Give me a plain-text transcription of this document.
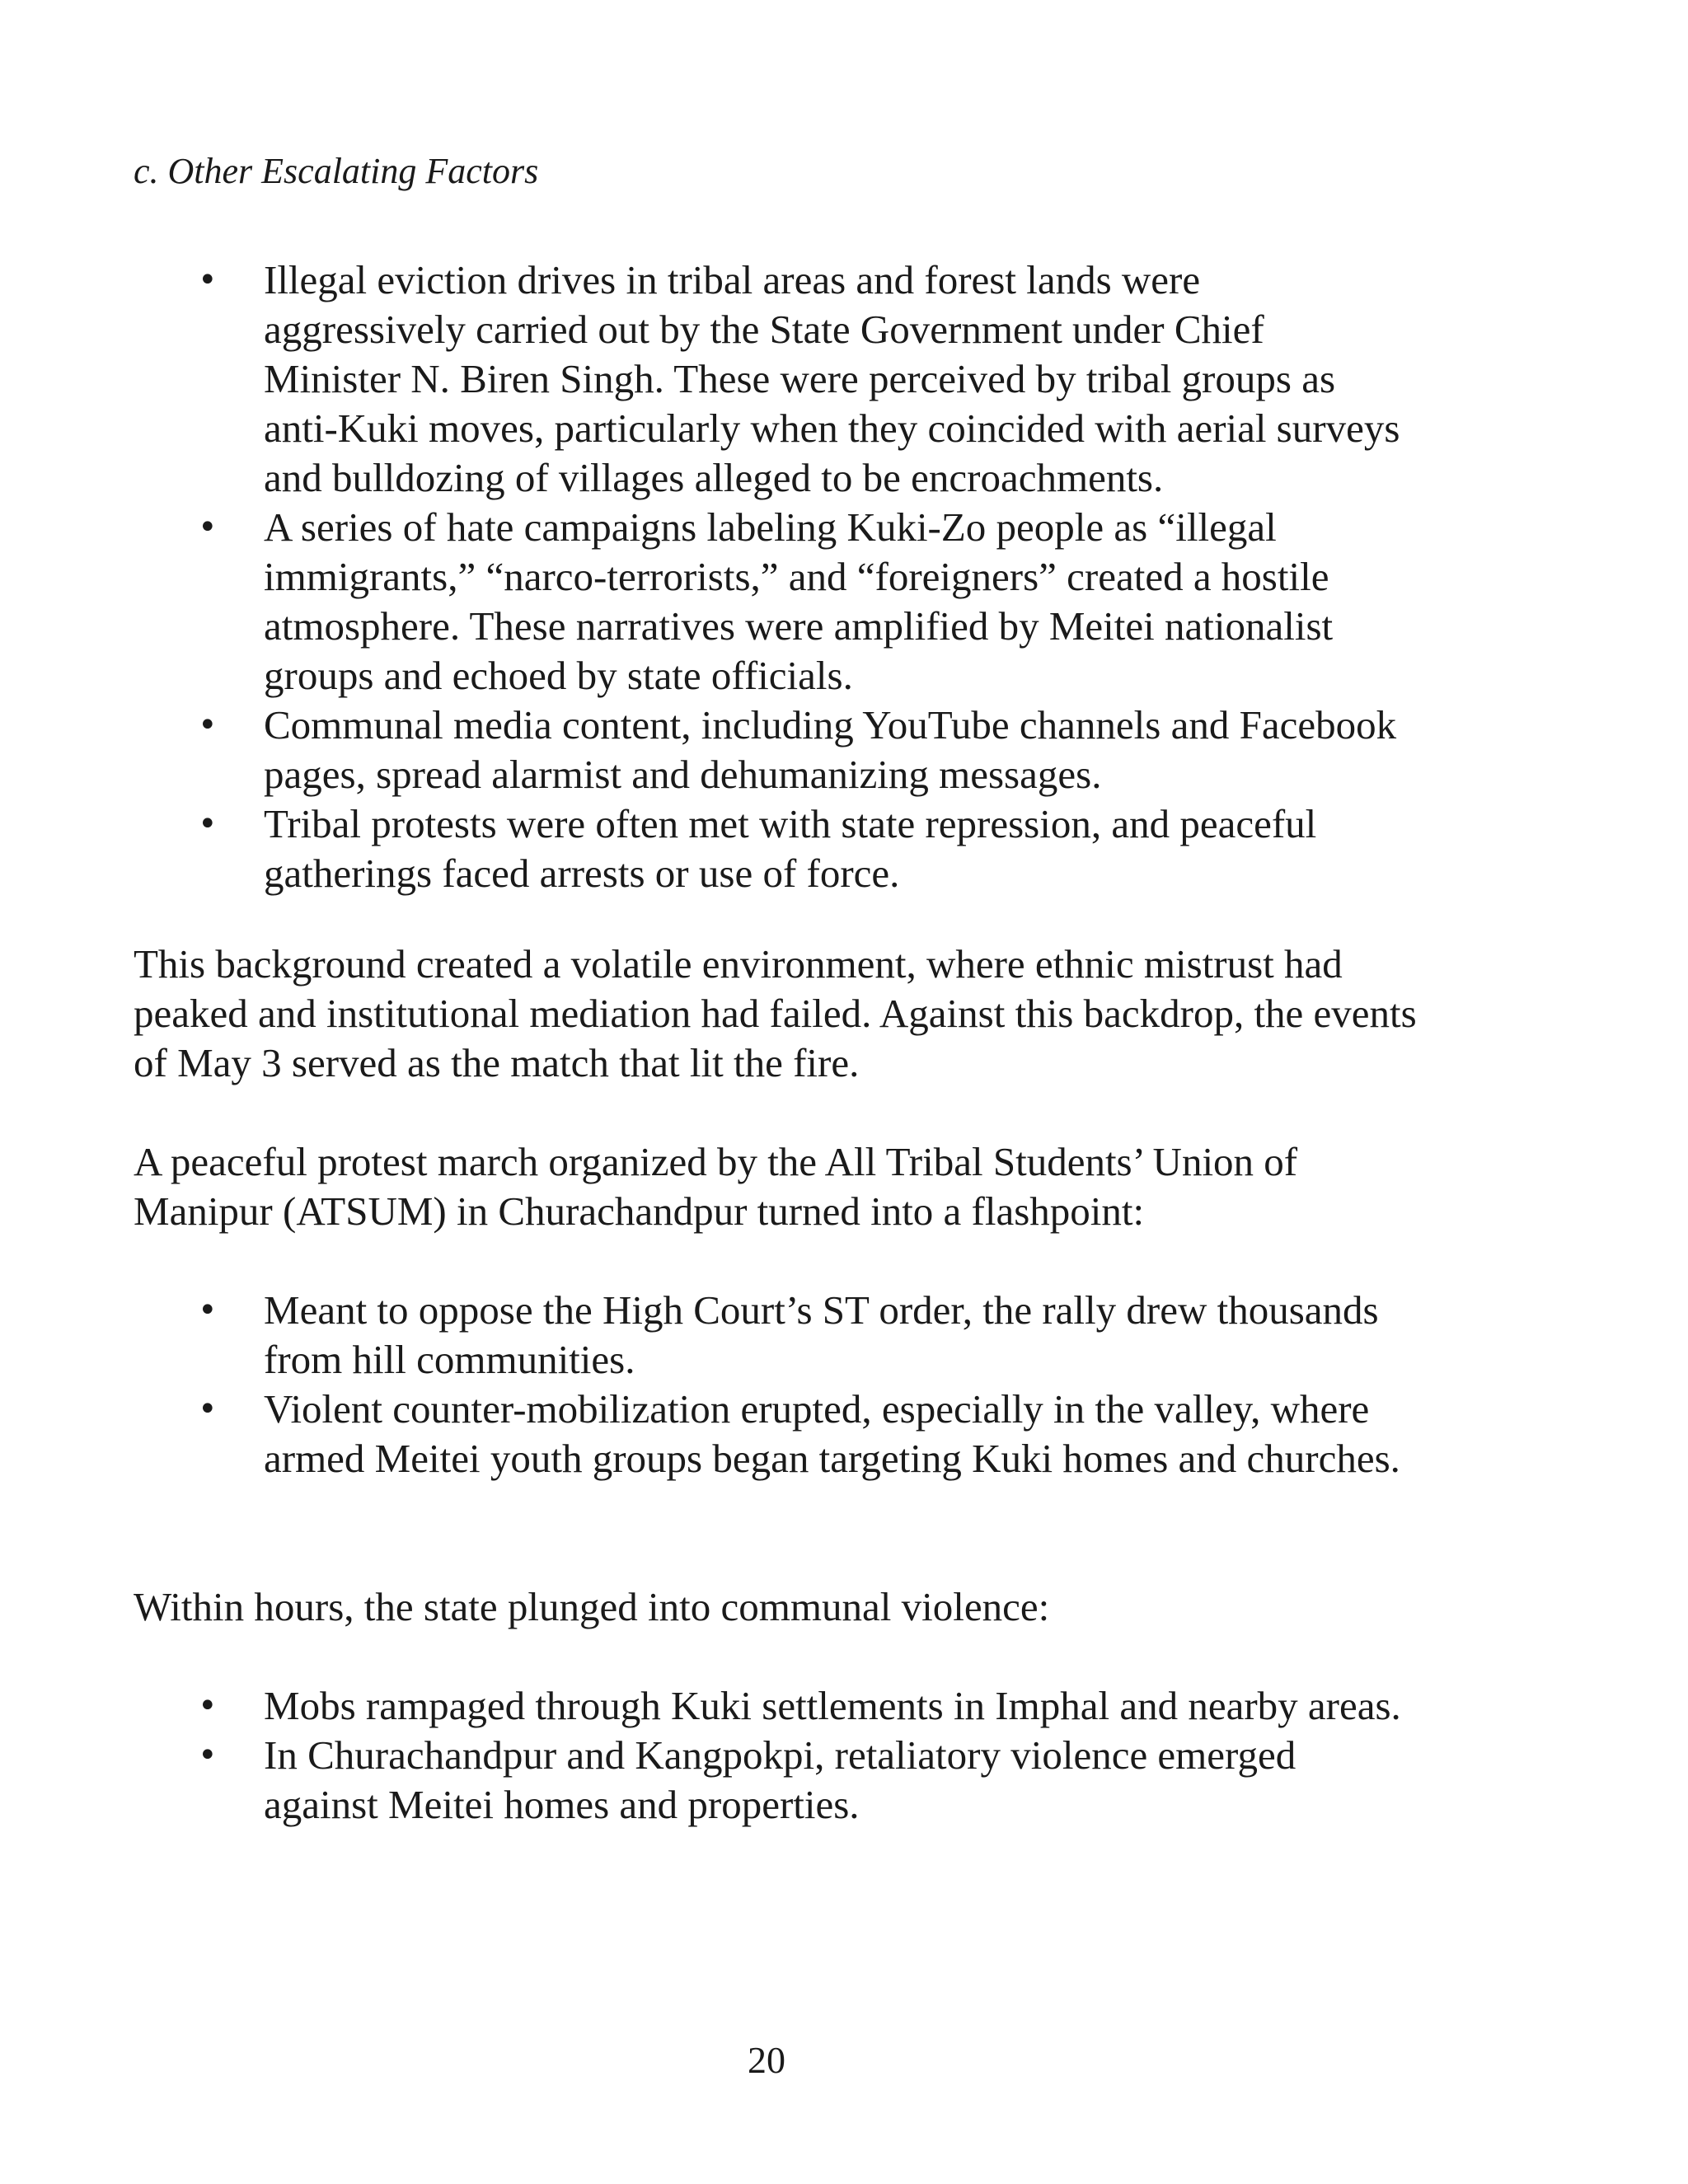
c. Other Escalating Factors
• Illegal eviction drives in tribal areas and forest lands were aggressively carried out by the State Government under Chief Minister N. Biren Singh. These were perceived by tribal groups as anti-Kuki moves, particularly when they coincided with aerial surveys and bulldozing of villages alleged to be encroachments.
• A series of hate campaigns labeling Kuki-Zo people as “illegal immigrants,” “narco-terrorists,” and “foreigners” created a hostile atmosphere. These narratives were amplified by Meitei nationalist groups and echoed by state officials.
• Communal media content, including YouTube channels and Facebook pages, spread alarmist and dehumanizing messages.
• Tribal protests were often met with state repression, and peaceful gatherings faced arrests or use of force.

This background created a volatile environment, where ethnic mistrust had peaked and institutional mediation had failed. Against this backdrop, the events of May 3 served as the match that lit the fire.

A peaceful protest march organized by the All Tribal Students’ Union of Manipur (ATSUM) in Churachandpur turned into a flashpoint:

• Meant to oppose the High Court’s ST order, the rally drew thousands from hill communities.
• Violent counter-mobilization erupted, especially in the valley, where armed Meitei youth groups began targeting Kuki homes and churches.

Within hours, the state plunged into communal violence:

• Mobs rampaged through Kuki settlements in Imphal and nearby areas.
• In Churachandpur and Kangpokpi, retaliatory violence emerged against Meitei homes and properties.
20
